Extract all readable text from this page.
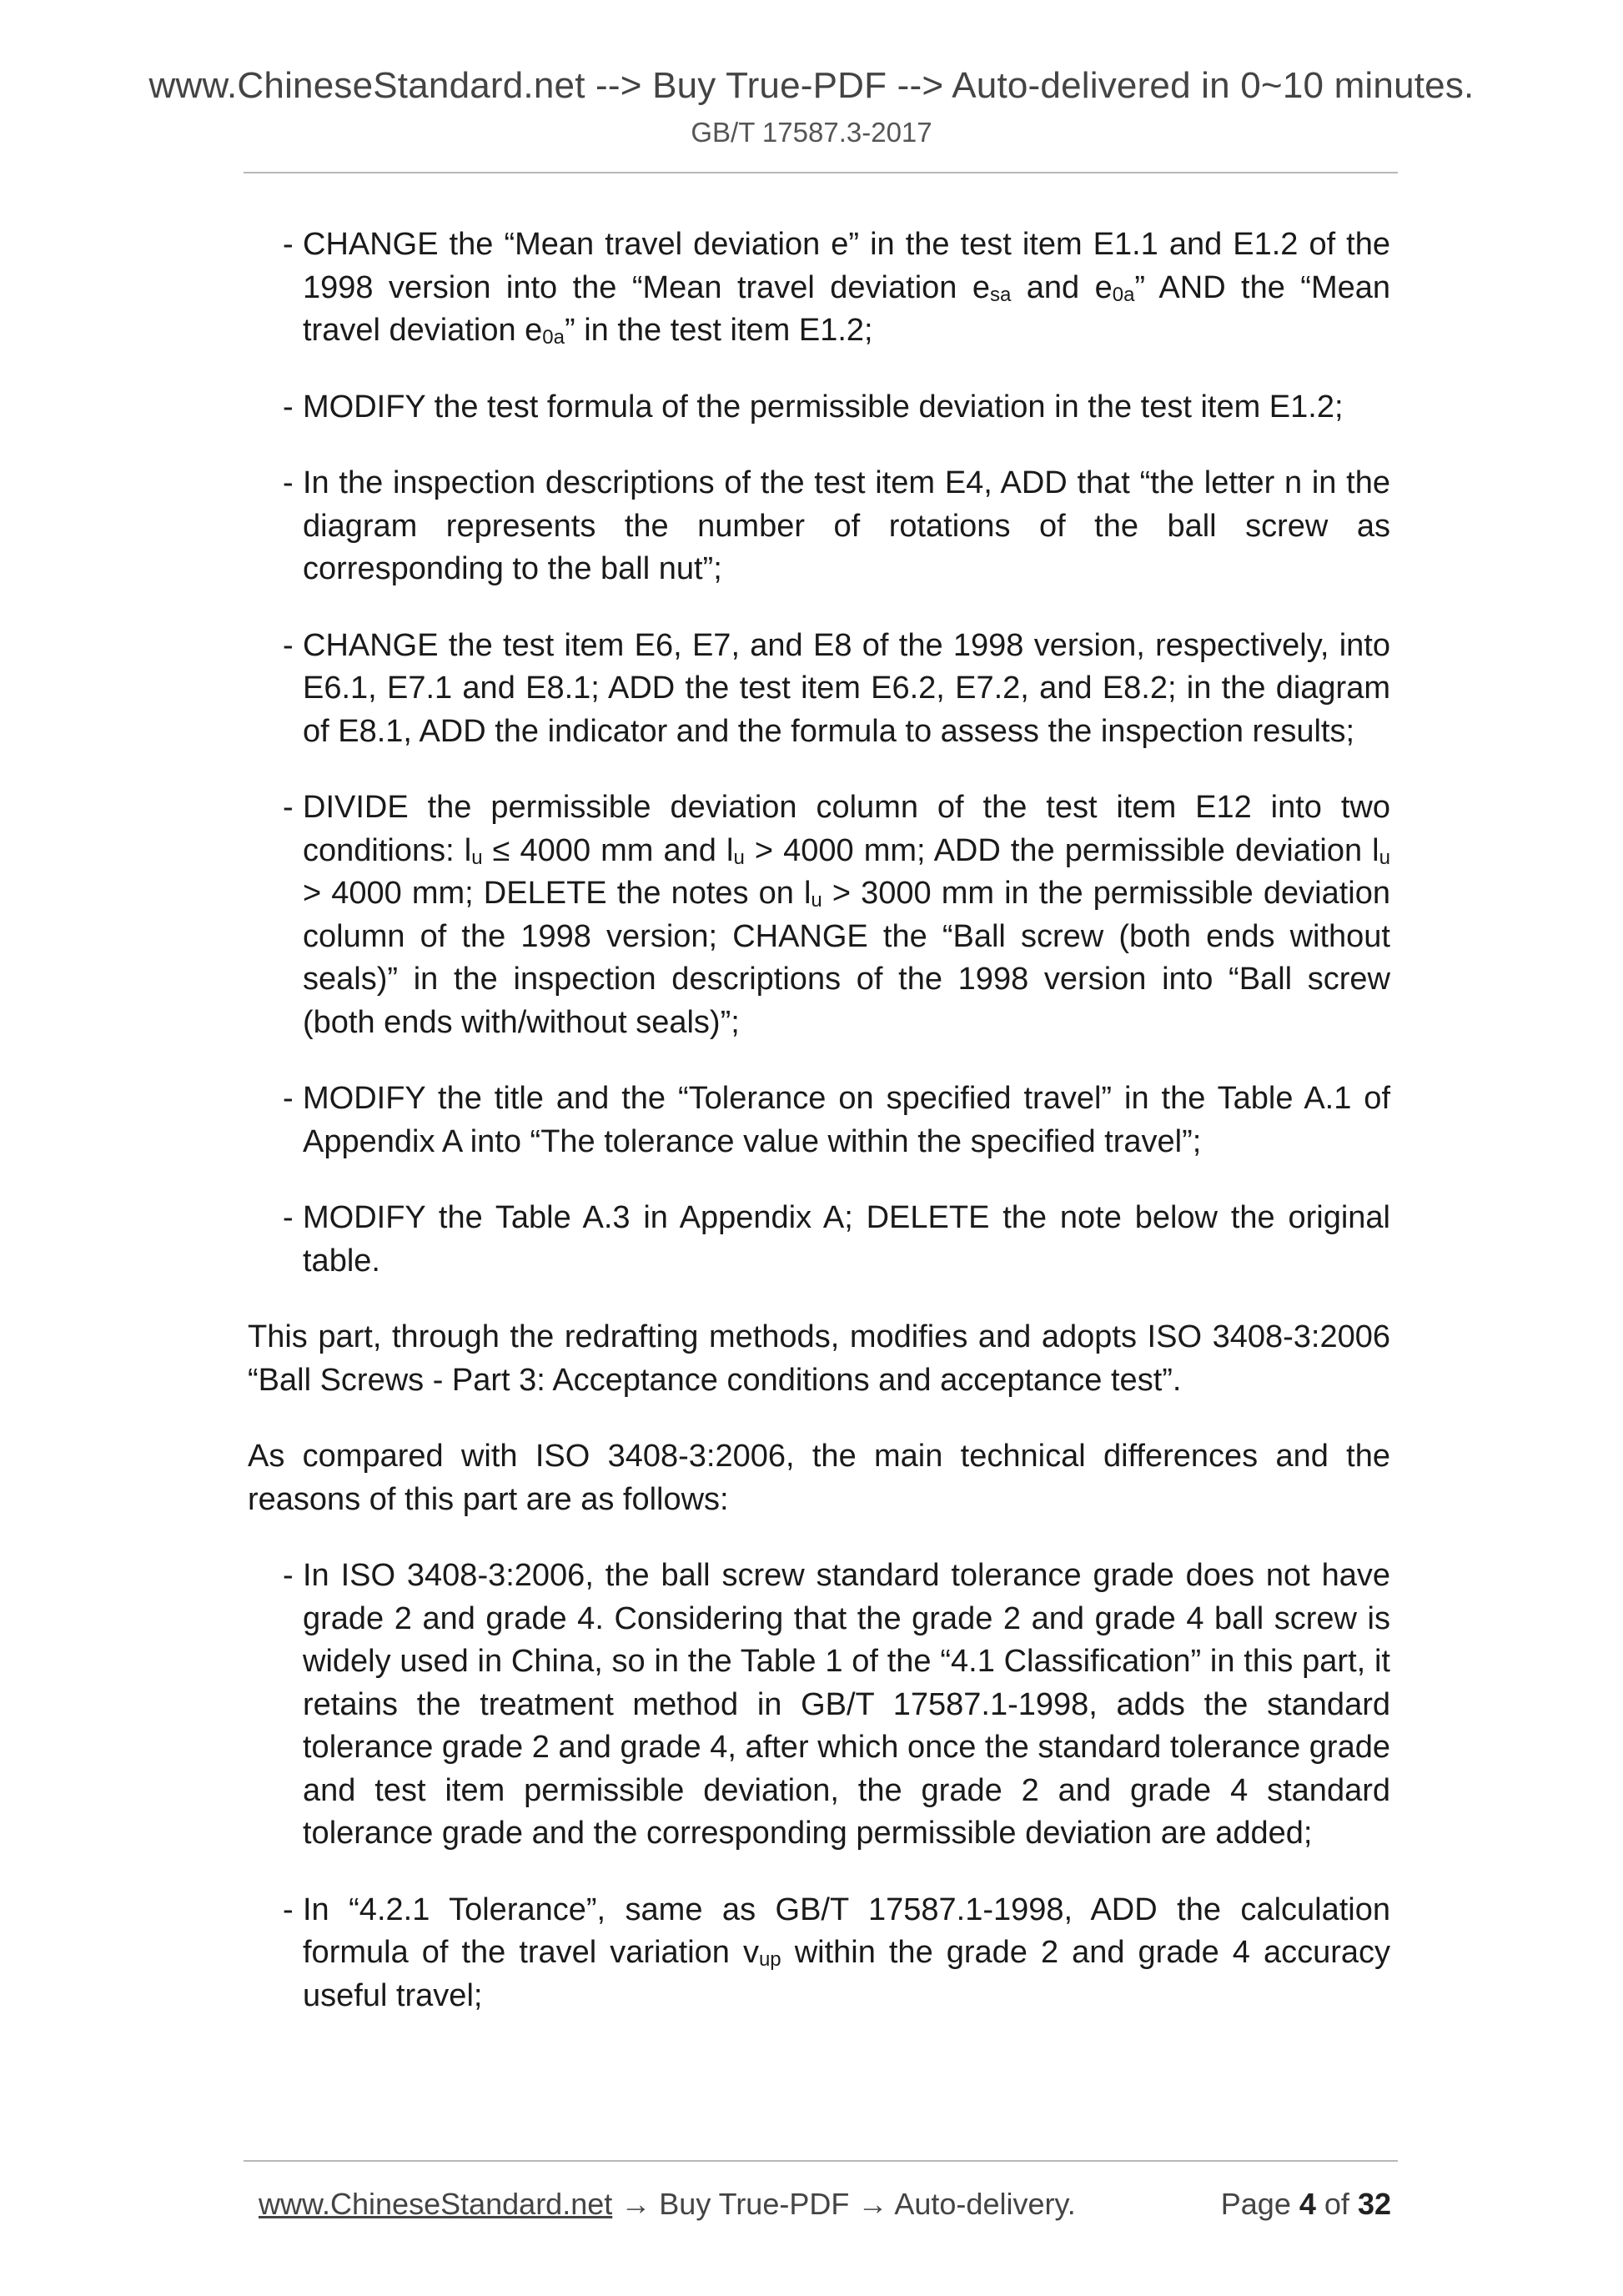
www.ChineseStandard.net --> Buy True-PDF --> Auto-delivered in 0~10 minutes.
GB/T 17587.3-2017
- CHANGE the “Mean travel deviation e” in the test item E1.1 and E1.2 of the 1998 version into the “Mean travel deviation $e_{sa}$ and $e_{0a}$” AND the “Mean travel deviation $e_{0a}$” in the test item E1.2;
- MODIFY the test formula of the permissible deviation in the test item E1.2;
- In the inspection descriptions of the test item E4, ADD that “the letter n in the diagram represents the number of rotations of the ball screw as corresponding to the ball nut”;
- CHANGE the test item E6, E7, and E8 of the 1998 version, respectively, into E6.1, E7.1 and E8.1; ADD the test item E6.2, E7.2, and E8.2; in the diagram of E8.1, ADD the indicator and the formula to assess the inspection results;
- DIVIDE the permissible deviation column of the test item E12 into two conditions: $l_u \le 4000$ mm and $l_u > 4000$ mm; ADD the permissible deviation $l_u > 4000$ mm; DELETE the notes on $l_u > 3000$ mm in the permissible deviation column of the 1998 version; CHANGE the “Ball screw (both ends without seals)” in the inspection descriptions of the 1998 version into “Ball screw (both ends with/without seals)”;
- MODIFY the title and the “Tolerance on specified travel” in the Table A.1 of Appendix A into “The tolerance value within the specified travel”;
- MODIFY the Table A.3 in Appendix A; DELETE the note below the original table.
This part, through the redrafting methods, modifies and adopts ISO 3408-3:2006 “Ball Screws - Part 3: Acceptance conditions and acceptance test”.
As compared with ISO 3408-3:2006, the main technical differences and the reasons of this part are as follows:
- In ISO 3408-3:2006, the ball screw standard tolerance grade does not have grade 2 and grade 4. Considering that the grade 2 and grade 4 ball screw is widely used in China, so in the Table 1 of the “4.1 Classification” in this part, it retains the treatment method in GB/T 17587.1-1998, adds the standard tolerance grade 2 and grade 4, after which once the standard tolerance grade and test item permissible deviation, the grade 2 and grade 4 standard tolerance grade and the corresponding permissible deviation are added;
- In “4.2.1 Tolerance”, same as GB/T 17587.1-1998, ADD the calculation formula of the travel variation $v_{up}$ within the grade 2 and grade 4 accuracy useful travel;
www.ChineseStandard.net → Buy True-PDF → Auto-delivery.	Page 4 of 32
